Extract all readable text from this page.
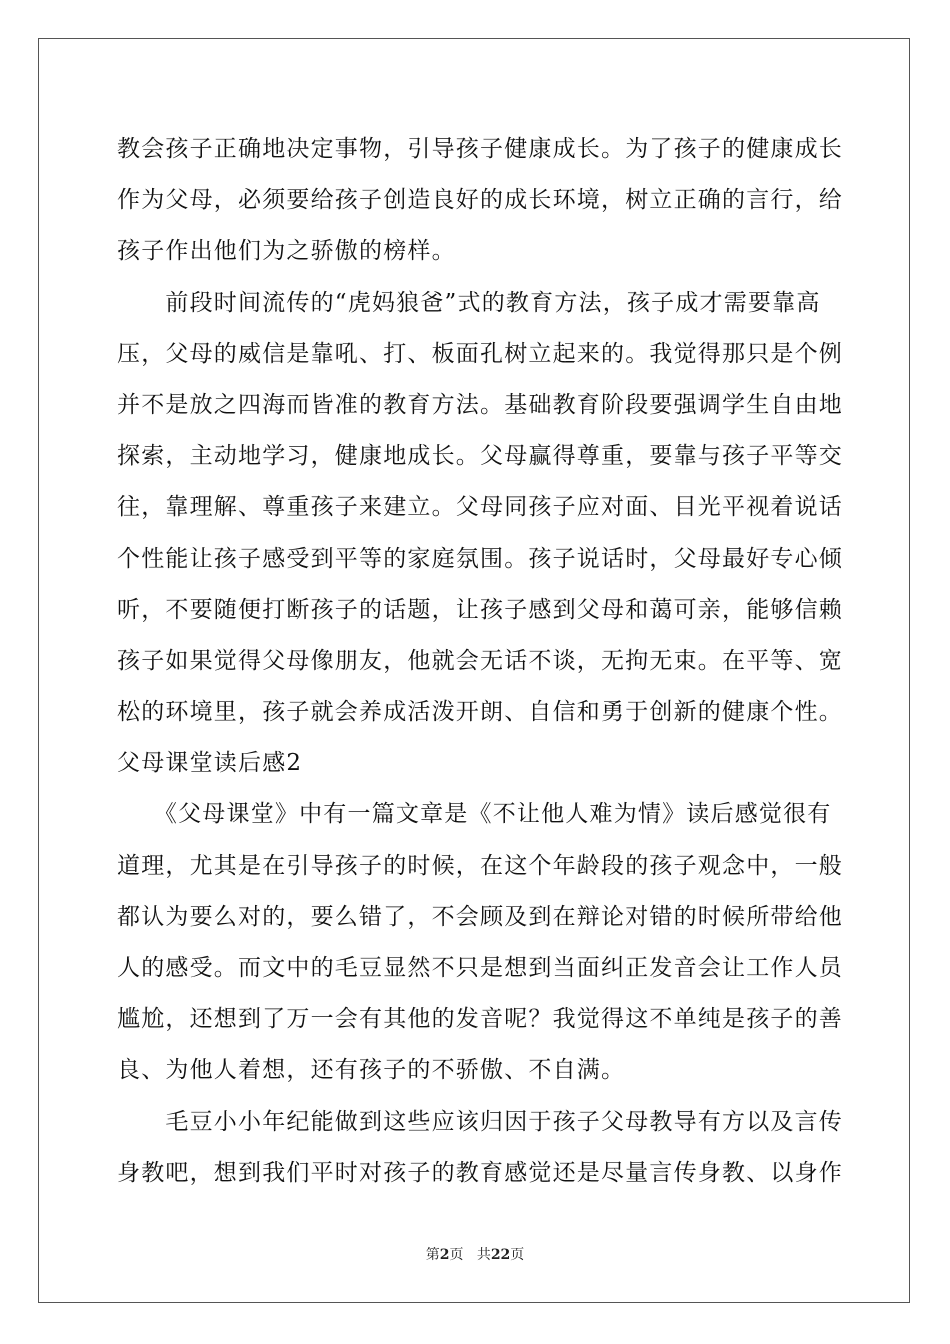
教会孩子正确地决定事物，引导孩子健康成长。为了孩子的健康成长
作为父母，必须要给孩子创造良好的成长环境，树立正确的言行，给
孩子作出他们为之骄傲的榜样。
　　前段时间流传的“虎妈狼爸”式的教育方法，孩子成才需要靠高
压，父母的威信是靠吼、打、板面孔树立起来的。我觉得那只是个例
并不是放之四海而皆准的教育方法。基础教育阶段要强调学生自由地
探索，主动地学习，健康地成长。父母赢得尊重，要靠与孩子平等交
往，靠理解、尊重孩子来建立。父母同孩子应对面、目光平视着说话
个性能让孩子感受到平等的家庭氛围。孩子说话时，父母最好专心倾
听，不要随便打断孩子的话题，让孩子感到父母和蔼可亲，能够信赖
孩子如果觉得父母像朋友，他就会无话不谈，无拘无束。在平等、宽
松的环境里，孩子就会养成活泼开朗、自信和勇于创新的健康个性。
父母课堂读后感2
　　《父母课堂》中有一篇文章是《不让他人难为情》读后感觉很有
道理，尤其是在引导孩子的时候，在这个年龄段的孩子观念中，一般
都认为要么对的，要么错了，不会顾及到在辩论对错的时候所带给他
人的感受。而文中的毛豆显然不只是想到当面纠正发音会让工作人员
尴尬，还想到了万一会有其他的发音呢？我觉得这不单纯是孩子的善
良、为他人着想，还有孩子的不骄傲、不自满。
　　毛豆小小年纪能做到这些应该归因于孩子父母教导有方以及言传
身教吧，想到我们平时对孩子的教育感觉还是尽量言传身教、以身作
第2页 共22页
